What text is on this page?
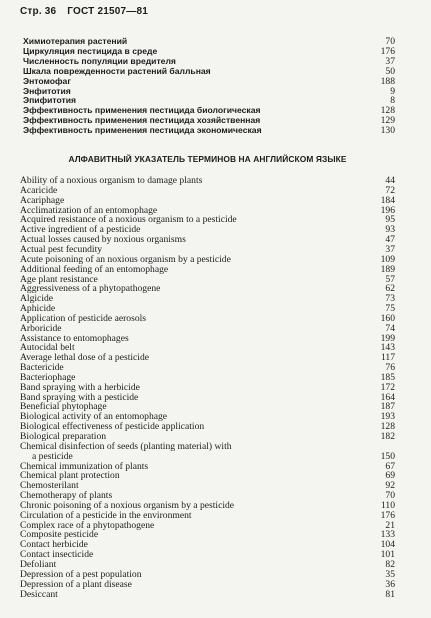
Стр. 36 ГОСТ 21507—81
Химиотерапия растений	70
Циркуляция пестицида в среде	176
Численность популяции вредителя	37
Шкала поврежденности растений балльная	50
Энтомофаг	188
Энфитотия	9
Эпифитотия	8
Эффективность применения пестицида биологическая	128
Эффективность применения пестицида хозяйственная	129
Эффективность применения пестицида экономическая	130
АЛФАВИТНЫЙ УКАЗАТЕЛЬ ТЕРМИНОВ НА АНГЛИЙСКОМ ЯЗЫКЕ
Ability of a noxious organism to damage plants	44
Acaricide	72
Acariphage	184
Acclimatization of an entomophage	196
Acquired resistance of a noxious organism to a pesticide	95
Active ingredient of a pesticide	93
Actual losses caused by noxious organisms	47
Actual pest fecundity	37
Acute poisoning of an noxious organism by a pesticide	109
Additional feeding of an entomophage	189
Age plant resistance	57
Aggressiveness of a phytopathogene	62
Algicide	73
Aphicide	75
Application of pesticide aerosols	160
Arboricide	74
Assistance to entomophages	199
Autocidal belt	143
Average lethal dose of a pesticide	117
Bactericide	76
Bacteriophage	185
Band spraying with a herbicide	172
Band spraying with a pesticide	164
Beneficial phytophage	187
Biological activity of an entomophage	193
Biological effectiveness of pesticide application	128
Biological preparation	182
Chemical disinfection of seeds (planting material) with
a pesticide	150
Chemical immunization of plants	67
Chemical plant protection	69
Chemosterilant	92
Chemotherapy of plants	70
Chronic poisoning of a noxious organism by a pesticide	110
Circulation of a pesticide in the environment	176
Complex race of a phytopathogene	21
Composite pesticide	133
Contact herbicide	104
Contact insecticide	101
Defoliant	82
Depression of a pest population	35
Depression of a plant disease	36
Desiccant	81
